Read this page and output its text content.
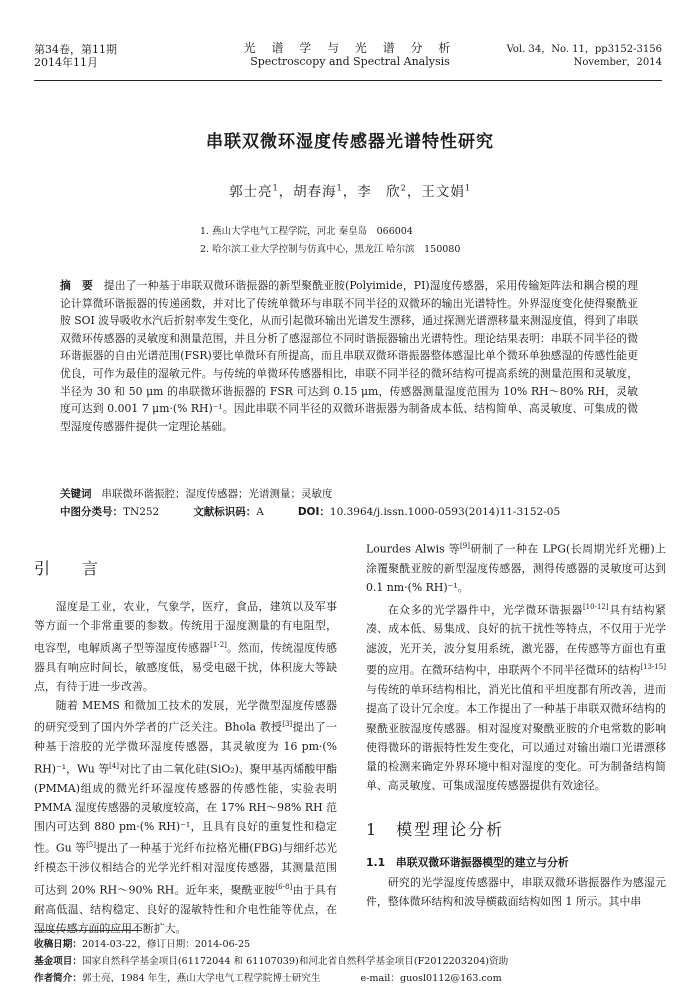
第34卷，第11期
2014年11月
光 谱 学 与 光 谱 分 析
Spectroscopy and Spectral Analysis
Vol. 34，No. 11，pp3152-3156
November，2014
串联双微环湿度传感器光谱特性研究
郭士亮$^1$，胡春海$^1$，李　欣$^2$，王文娟$^1$
1. 燕山大学电气工程学院，河北 秦皇岛　066004
2. 哈尔滨工业大学控制与仿真中心，黑龙江 哈尔滨　150080
摘　要 提出了一种基于串联双微环谐振器的新型聚酰亚胺(Polyimide，PI)湿度传感器，采用传输矩阵法和耦合模的理论计算微环谐振器的传递函数，并对比了传统单微环与串联不同半径的双微环的输出光谱特性。外界湿度变化使得聚酰亚胺 SOI 波导吸收水汽后折射率发生变化，从而引起微环输出光谱发生漂移，通过探测光谱漂移量来测湿度值，得到了串联双微环传感器的灵敏度和测量范围，并且分析了感湿部位不同时谐振器输出光谱特性。理论结果表明：串联不同半径的微环谐振器的自由光谱范围(FSR)要比单微环有所提高，而且串联双微环谐振器整体感湿比单个微环单独感湿的传感性能更优良，可作为最佳的湿敏元件。与传统的单微环传感器相比，串联不同半径的微环结构可提高系统的测量范围和灵敏度，半径为 30 和 50 μm 的串联微环谐振器的 FSR 可达到 0.15 μm，传感器测量湿度范围为 10% RH～80% RH，灵敏度可达到 0.001 7 μm·(% RH)⁻¹。因此串联不同半径的双微环谐振器为制备成本低、结构简单、高灵敏度、可集成的微型湿度传感器件提供一定理论基础。
关键词 串联微环谐振腔；湿度传感器；光谱测量；灵敏度
中图分类号：TN252	文献标识码：A	DOI：10.3964/j.issn.1000-0593(2014)11-3152-05
引　言

湿度是工业，农业，气象学，医疗，食品，建筑以及军事等方面一个非常重要的参数。传统用于湿度测量的有电阻型，电容型，电解质离子型等湿度传感器[1-2]。然而，传统湿度传感器具有响应时间长，敏感度低，易受电磁干扰，体积庞大等缺点，有待于进一步改善。

随着 MEMS 和微加工技术的发展，光学微型湿度传感器的研究受到了国内外学者的广泛关注。Bhola 教授[3]提出了一种基于溶胶的光学微环湿度传感器，其灵敏度为 16 pm·(% RH)⁻¹，Wu 等[4]对比了由二氧化硅(SiO₂)、聚甲基丙烯酸甲酯(PMMA)组成的微光纤环湿度传感器的传感性能，实验表明 PMMA 湿度传感器的灵敏度较高，在 17% RH～98% RH 范围内可达到 880 pm·(% RH)⁻¹，且具有良好的重复性和稳定性。Gu 等[5]提出了一种基于光纤布拉格光栅(FBG)与细纤芯光纤模态干涉仪相结合的光学光纤相对湿度传感器，其测量范围可达到 20% RH～90% RH。近年来，聚酰亚胺[6-8]由于具有耐高低温、结构稳定、良好的湿敏特性和介电性能等优点，在湿度传感方面的应用不断扩大。

Lourdes Alwis 等[9]研制了一种在 LPG(长周期光纤光栅)上涂覆聚酰亚胺的新型湿度传感器，测得传感器的灵敏度可达到 0.1 nm·(% RH)⁻¹。

在众多的光学器件中，光学微环谐振器[10-12]具有结构紧凑、成本低、易集成、良好的抗干扰性等特点，不仅用于光学滤波，光开关，波分复用系统，激光器，在传感等方面也有重要的应用。在微环结构中，串联两个不同半径微环的结构[13-15]与传统的单环结构相比，消光比值和平坦度都有所改善，进而提高了设计冗余度。本工作提出了一种基于串联双微环结构的聚酰亚胺湿度传感器。相对湿度对聚酰亚胺的介电常数的影响使得微环的谐振特性发生变化，可以通过对输出端口光谱漂移量的检测来确定外界环境中相对湿度的变化。可为制备结构简单、高灵敏度、可集成湿度传感器提供有效途径。

1　模型理论分析
1.1　串联双微环谐振器模型的建立与分析

研究的光学湿度传感器中，串联双微环谐振器作为感湿元件，整体微环结构和波导横截面结构如图 1 所示。其中串

收稿日期：2014-03-22，修订日期：2014-06-25
基金项目：国家自然科学基金项目(61172044 和 61107039)和河北省自然科学基金项目(F2012203204)资助
作者简介：郭士亮，1984 年生，燕山大学电气工程学院博士研究生	e-mail：guosl0112@163.com
